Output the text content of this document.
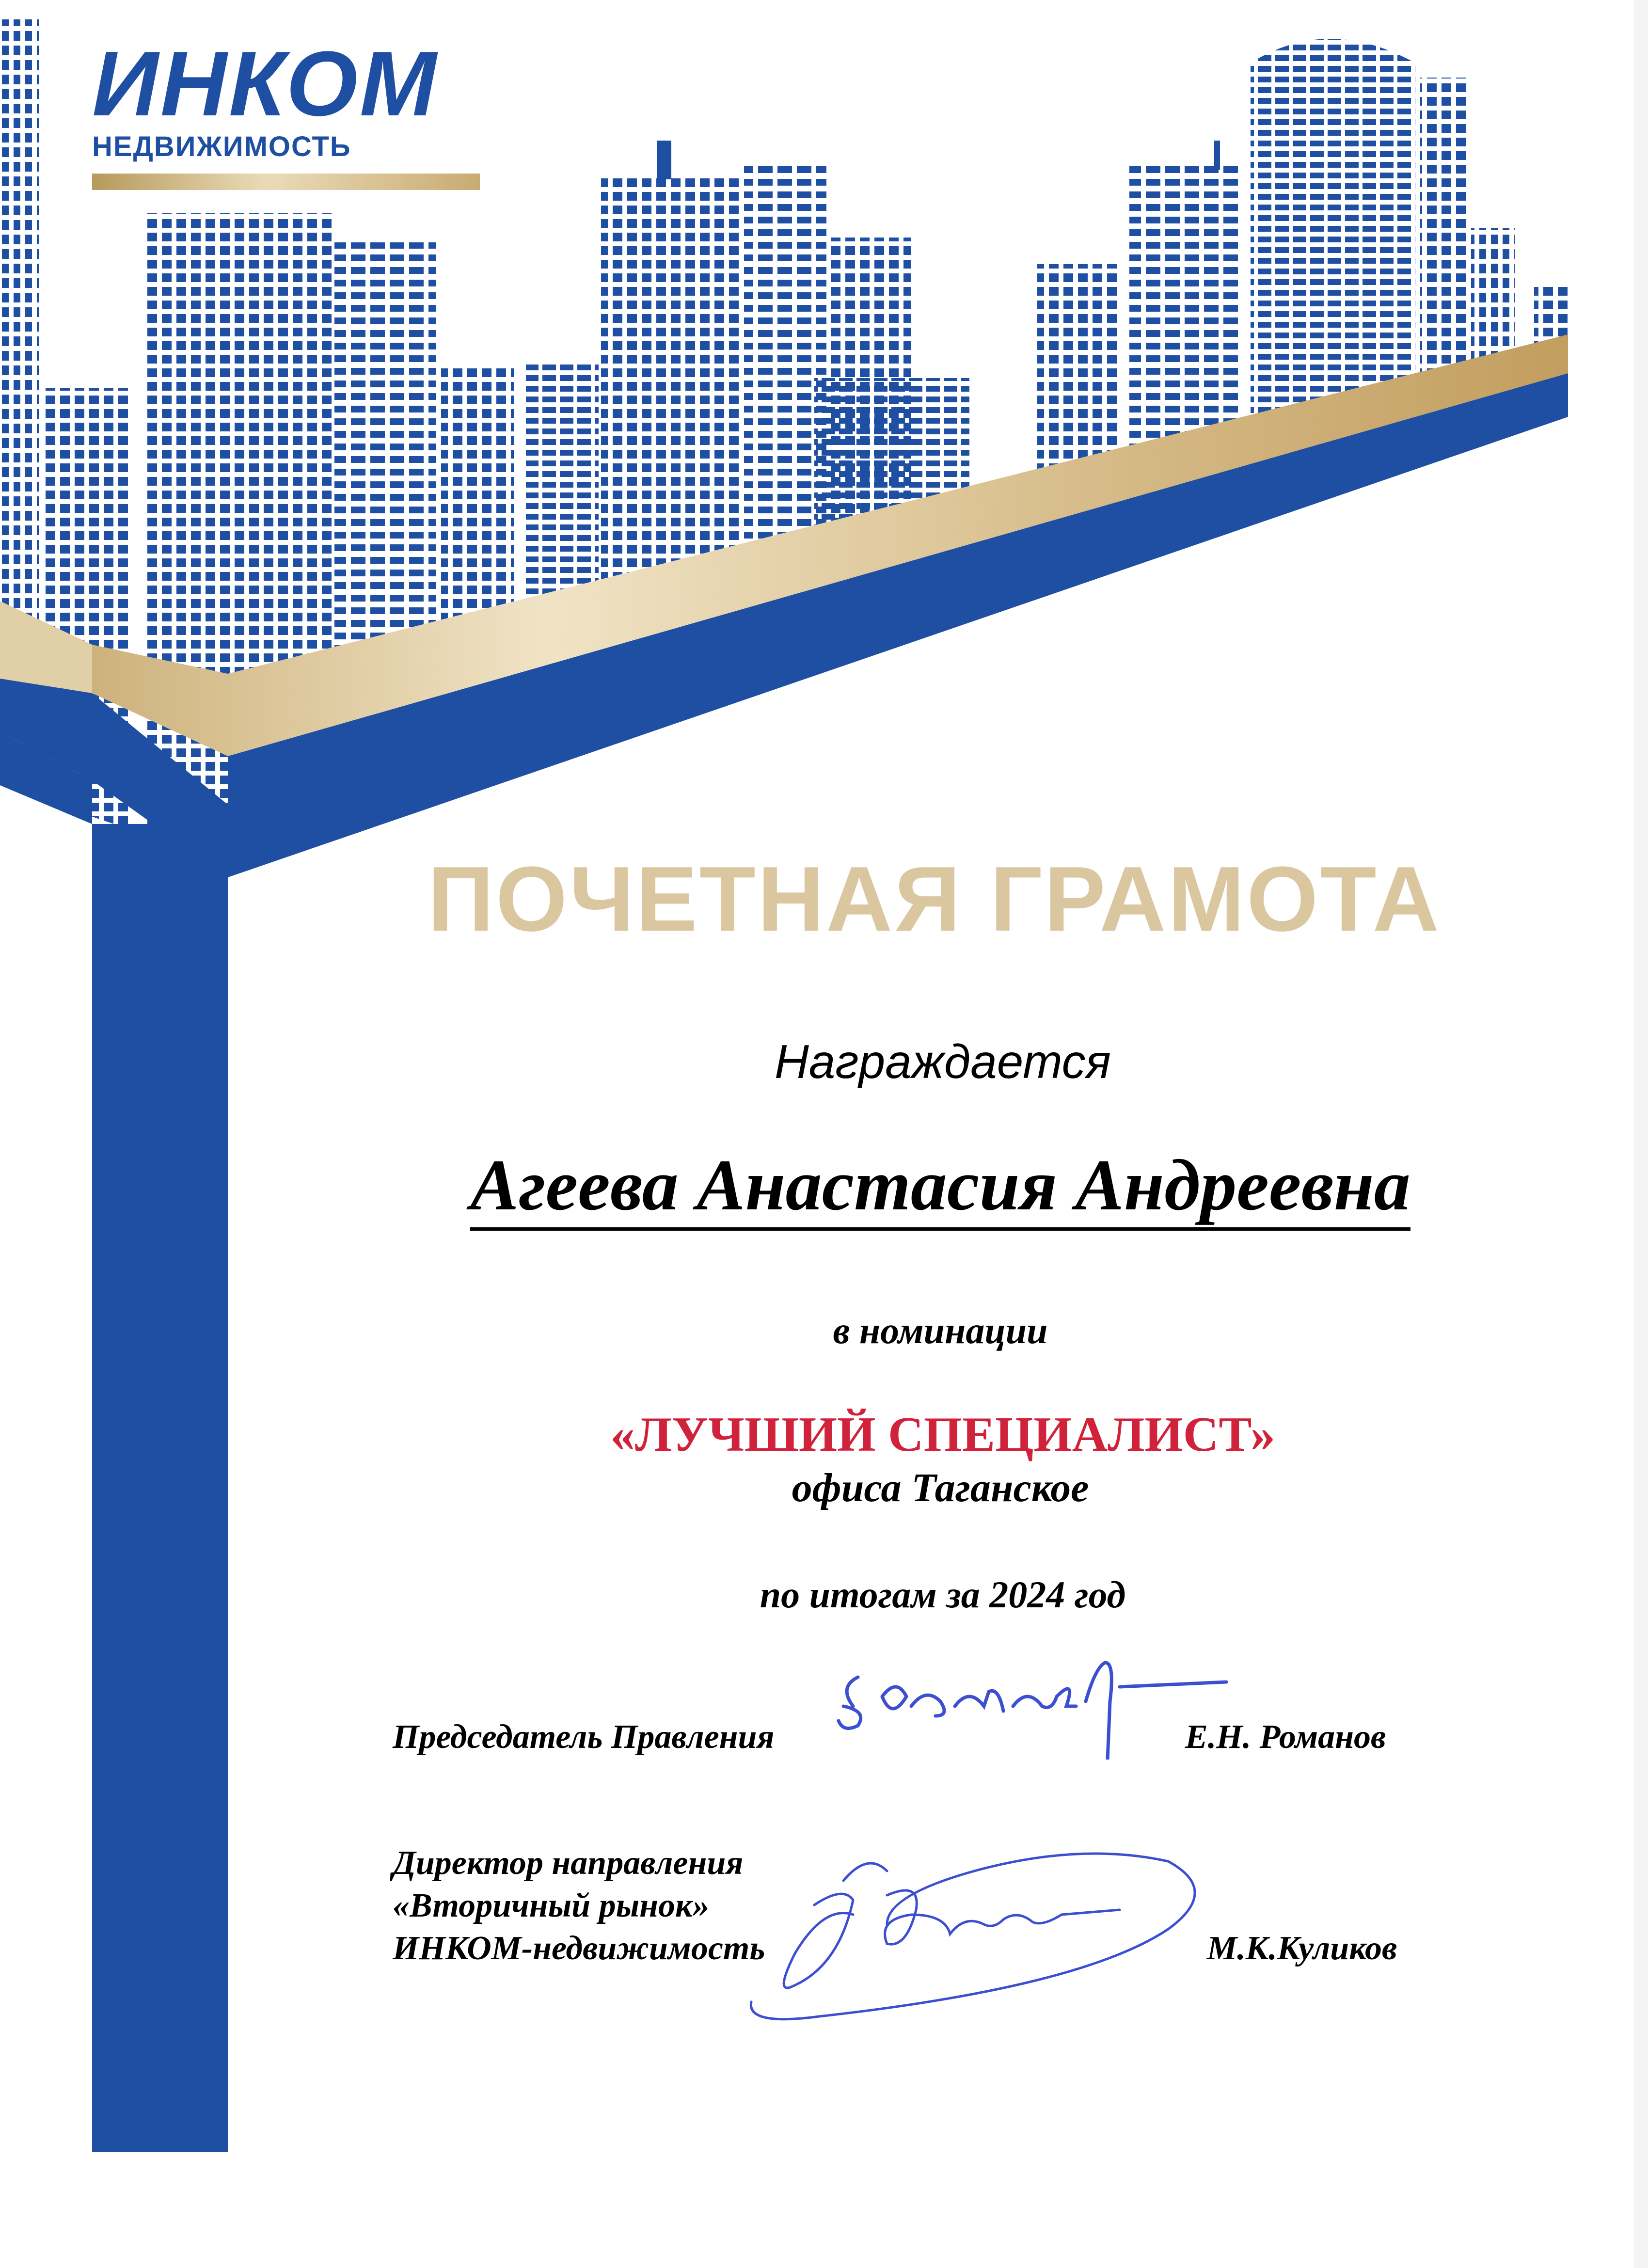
ИНКОМ
НЕДВИЖИМОСТЬ

ПОЧЕТНАЯ ГРАМОТА

Награждается

Агеева Анастасия Андреевна

в номинации

«ЛУЧШИЙ СПЕЦИАЛИСТ»

офиса Таганское

по итогам за 2024 год

Председатель Правления	Е.Н. Романов

Директор направления

«Вторичный рынок»

ИНКОМ-недвижимость	М.К.Куликов
